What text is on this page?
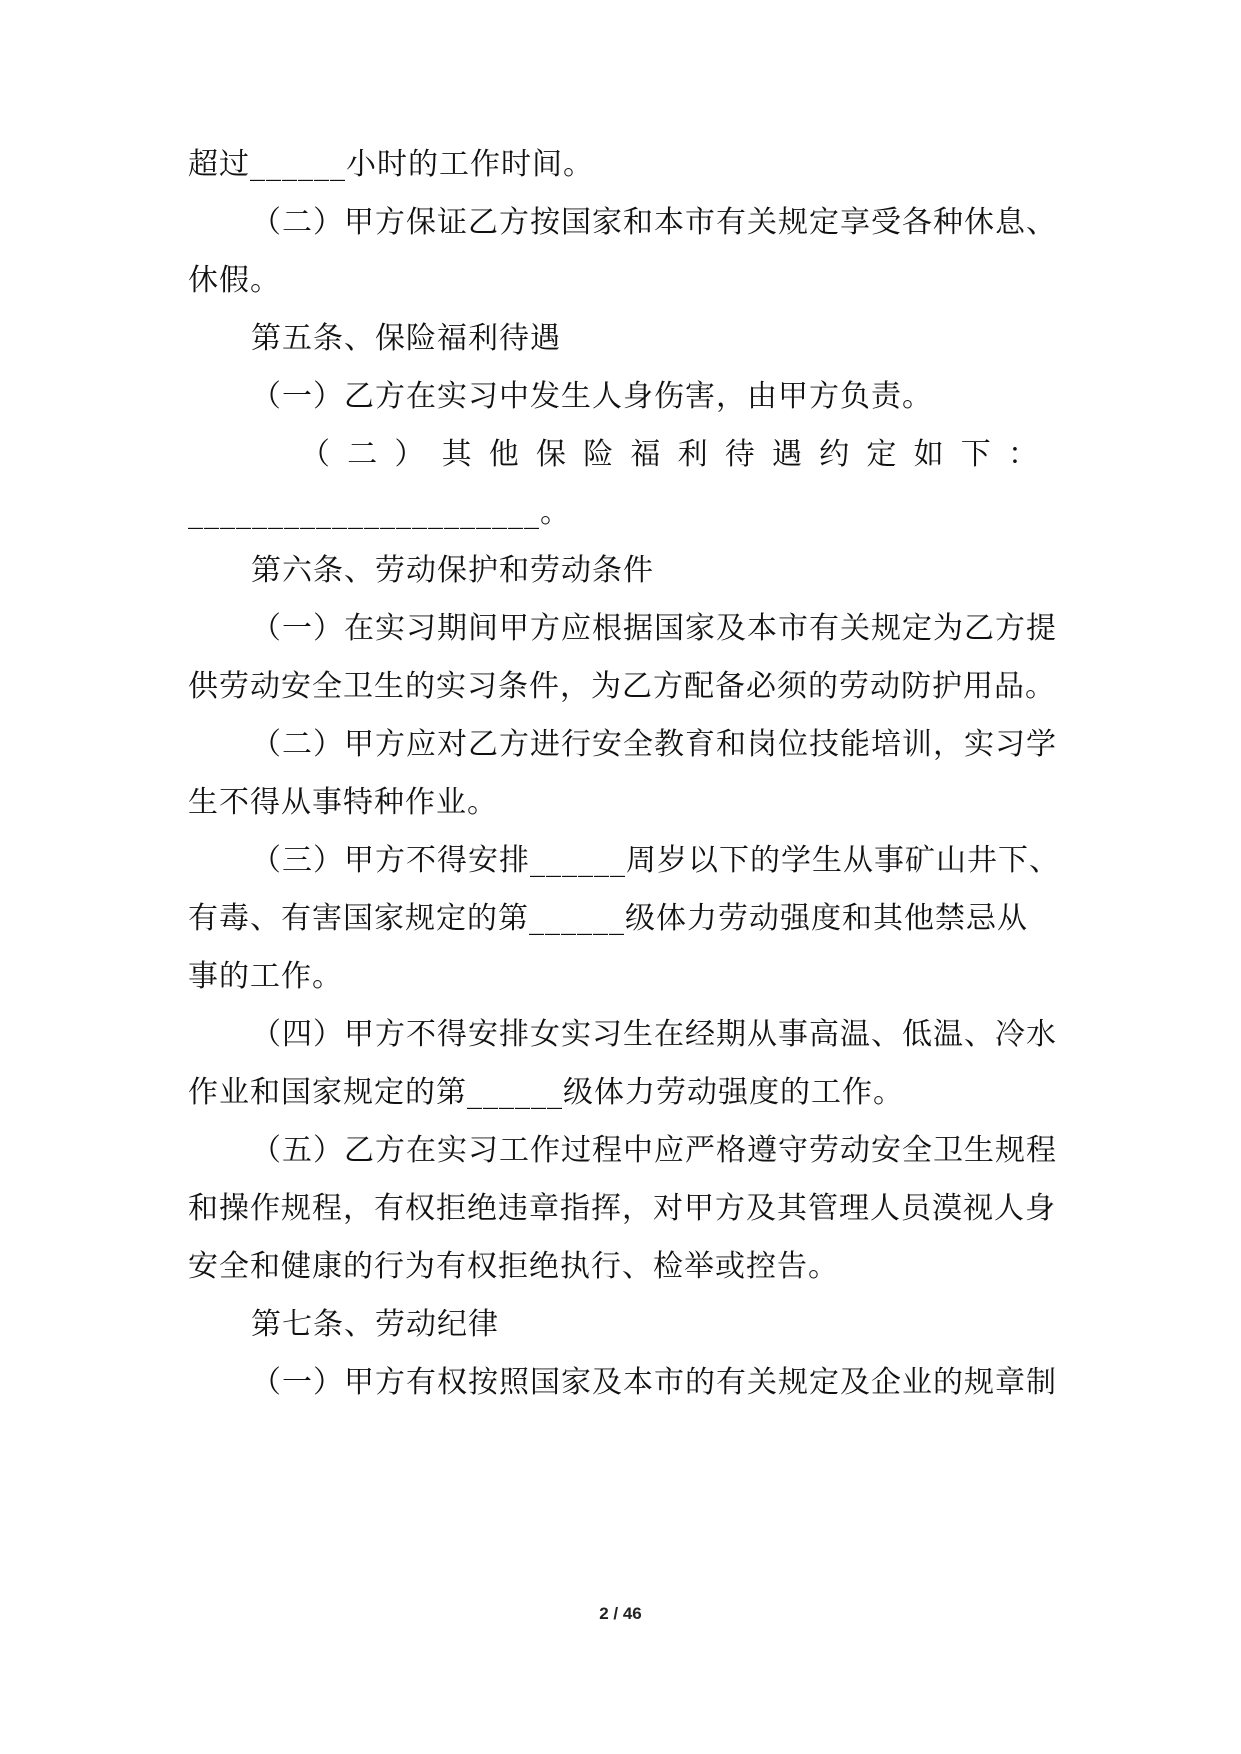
超过______小时的工作时间。
（二）甲方保证乙方按国家和本市有关规定享受各种休息、
休假。
第五条、保险福利待遇
（一）乙方在实习中发生人身伤害，由甲方负责。
（ 二 ） 其 他 保 险 福 利 待 遇 约 定 如 下 ：
______________________。
第六条、劳动保护和劳动条件
（一）在实习期间甲方应根据国家及本市有关规定为乙方提
供劳动安全卫生的实习条件，为乙方配备必须的劳动防护用品。
（二）甲方应对乙方进行安全教育和岗位技能培训，实习学
生不得从事特种作业。
（三）甲方不得安排______周岁以下的学生从事矿山井下、
有毒、有害国家规定的第______级体力劳动强度和其他禁忌从
事的工作。
（四）甲方不得安排女实习生在经期从事高温、低温、冷水
作业和国家规定的第______级体力劳动强度的工作。
（五）乙方在实习工作过程中应严格遵守劳动安全卫生规程
和操作规程，有权拒绝违章指挥，对甲方及其管理人员漠视人身
安全和健康的行为有权拒绝执行、检举或控告。
第七条、劳动纪律
（一）甲方有权按照国家及本市的有关规定及企业的规章制
2 / 46
